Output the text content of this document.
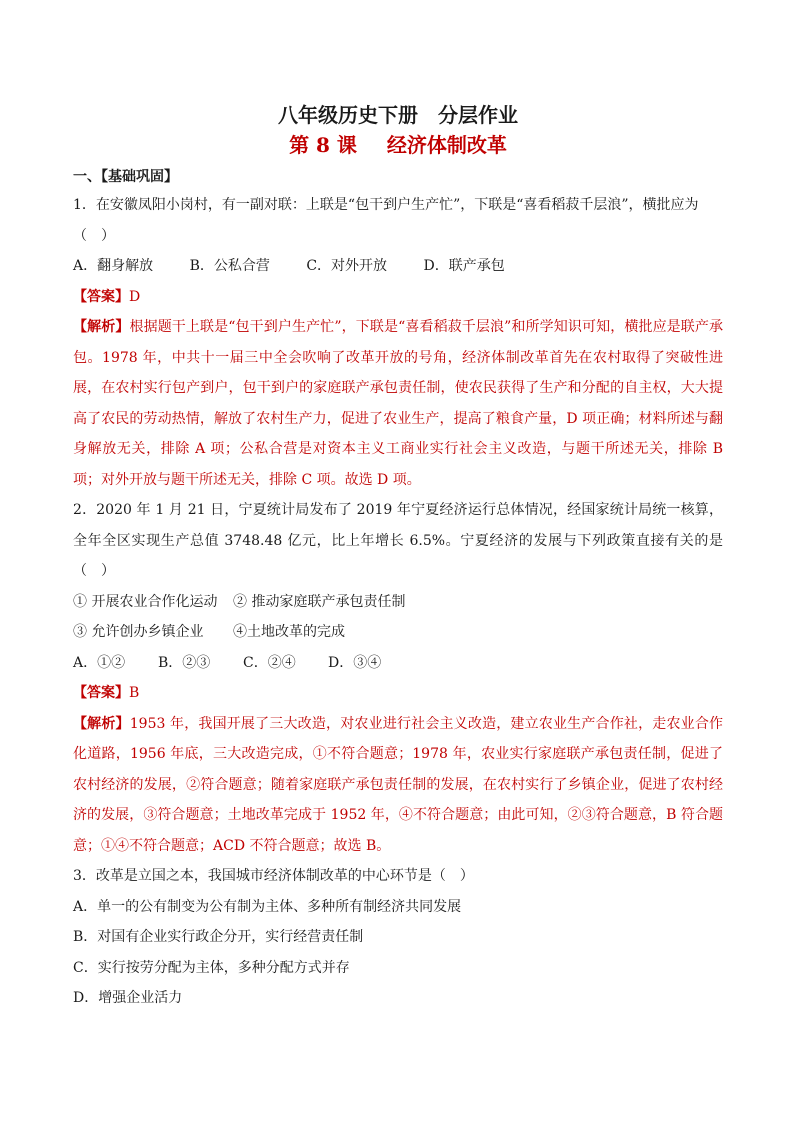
八年级历史下册　分层作业

第 8 课 经济体制改革

一、【基础巩固】

1．在安徽凤阳小岗村，有一副对联：上联是“包干到户生产忙”，下联是“喜看稻菽千层浪”，横批应为

（　）

A．翻身解放	B．公私合营	C．对外开放	D．联产承包

【答案】D

【解析】根据题干上联是“包干到户生产忙”，下联是“喜看稻菽千层浪”和所学知识可知，横批应是联产承包。1978 年，中共十一届三中全会吹响了改革开放的号角，经济体制改革首先在农村取得了突破性进展，在农村实行包产到户，包干到户的家庭联产承包责任制，使农民获得了生产和分配的自主权，大大提高了农民的劳动热情，解放了农村生产力，促进了农业生产，提高了粮食产量，D 项正确；材料所述与翻身解放无关，排除 A 项；公私合营是对资本主义工商业实行社会主义改造，与题干所述无关，排除 B 项；对外开放与题干所述无关，排除 C 项。故选 D 项。

2．2020 年 1 月 21 日，宁夏统计局发布了 2019 年宁夏经济运行总体情况，经国家统计局统一核算，全年全区实现生产总值 3748.48 亿元，比上年增长 6.5%。宁夏经济的发展与下列政策直接有关的是（　）

① 开展农业合作化运动 ② 推动家庭联产承包责任制

③ 允许创办乡镇企业 ④土地改革的完成

A．①② B．②③ C．②④ D．③④

【答案】B

【解析】1953 年，我国开展了三大改造，对农业进行社会主义改造，建立农业生产合作社，走农业合作化道路，1956 年底，三大改造完成，①不符合题意；1978 年，农业实行家庭联产承包责任制，促进了农村经济的发展，②符合题意；随着家庭联产承包责任制的发展，在农村实行了乡镇企业，促进了农村经济的发展，③符合题意；土地改革完成于 1952 年，④不符合题意；由此可知，②③符合题意，B 符合题意；①④不符合题意；ACD 不符合题意；故选 B。

3．改革是立国之本，我国城市经济体制改革的中心环节是（　）

A．单一的公有制变为公有制为主体、多种所有制经济共同发展

B．对国有企业实行政企分开，实行经营责任制

C．实行按劳分配为主体，多种分配方式并存

D．增强企业活力
